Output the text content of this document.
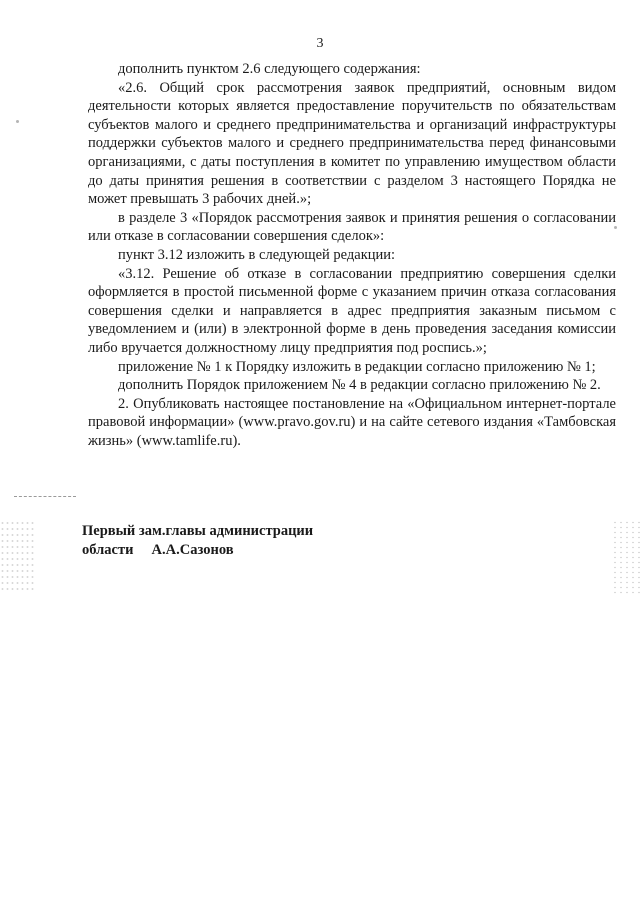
3

дополнить пунктом 2.6 следующего содержания:

«2.6. Общий срок рассмотрения заявок предприятий, основным видом деятельности которых является предоставление поручительств по обязательствам субъектов малого и среднего предпринимательства и организаций инфраструктуры поддержки субъектов малого и среднего предпринимательства перед финансовыми организациями, с даты поступления в комитет по управлению имуществом области до даты принятия решения в соответствии с разделом 3 настоящего Порядка не может превышать 3 рабочих дней.»;

в разделе 3 «Порядок рассмотрения заявок и принятия решения о согласовании или отказе в согласовании совершения сделок»:

пункт 3.12 изложить в следующей редакции:

«3.12. Решение об отказе в согласовании предприятию совершения сделки оформляется в простой письменной форме с указанием причин отказа согласования совершения сделки и направляется в адрес предприятия заказным письмом с уведомлением и (или) в электронной форме в день проведения заседания комиссии либо вручается должностному лицу предприятия под роспись.»;

приложение № 1 к Порядку изложить в редакции согласно приложению № 1;

дополнить Порядок приложением № 4 в редакции согласно приложению № 2.

2. Опубликовать настоящее постановление на «Официальном интернет-портале правовой информации» (www.pravo.gov.ru) и на сайте сетевого издания «Тамбовская жизнь» (www.tamlife.ru).

Первый зам.главы администрации
области     А.А.Сазонов
